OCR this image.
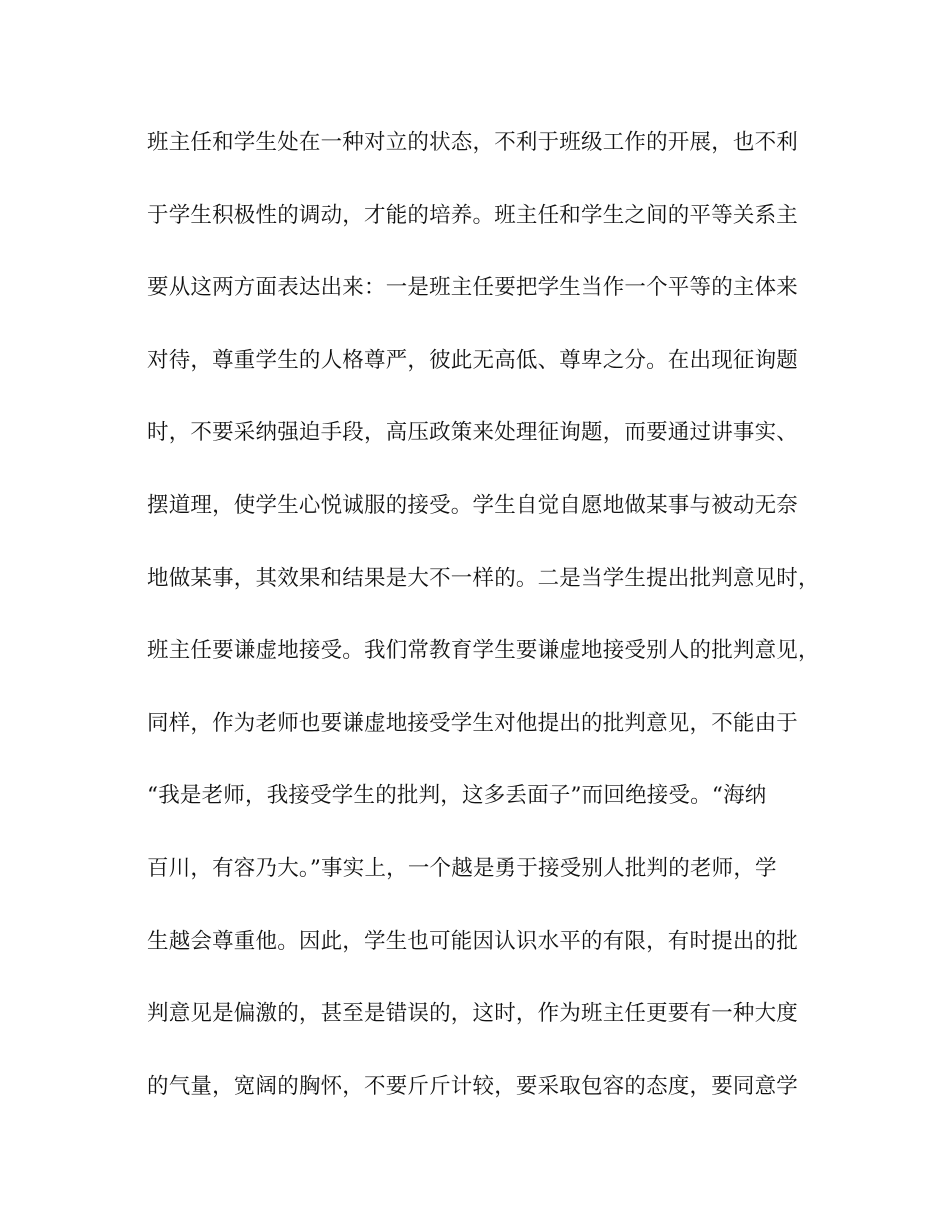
班主任和学生处在一种对立的状态，不利于班级工作的开展，也不利
于学生积极性的调动，才能的培养。班主任和学生之间的平等关系主
要从这两方面表达出来：一是班主任要把学生当作一个平等的主体来
对待，尊重学生的人格尊严，彼此无高低、尊卑之分。在出现征询题
时，不要采纳强迫手段，高压政策来处理征询题，而要通过讲事实、
摆道理，使学生心悦诚服的接受。学生自觉自愿地做某事与被动无奈
地做某事，其效果和结果是大不一样的。二是当学生提出批判意见时，
班主任要谦虚地接受。我们常教育学生要谦虚地接受别人的批判意见，
同样，作为老师也要谦虚地接受学生对他提出的批判意见，不能由于
“我是老师，我接受学生的批判，这多丢面子”而回绝接受。“海纳
百川，有容乃大。”事实上，一个越是勇于接受别人批判的老师，学
生越会尊重他。因此，学生也可能因认识水平的有限，有时提出的批
判意见是偏激的，甚至是错误的，这时，作为班主任更要有一种大度
的气量，宽阔的胸怀，不要斤斤计较，要采取包容的态度，要同意学
